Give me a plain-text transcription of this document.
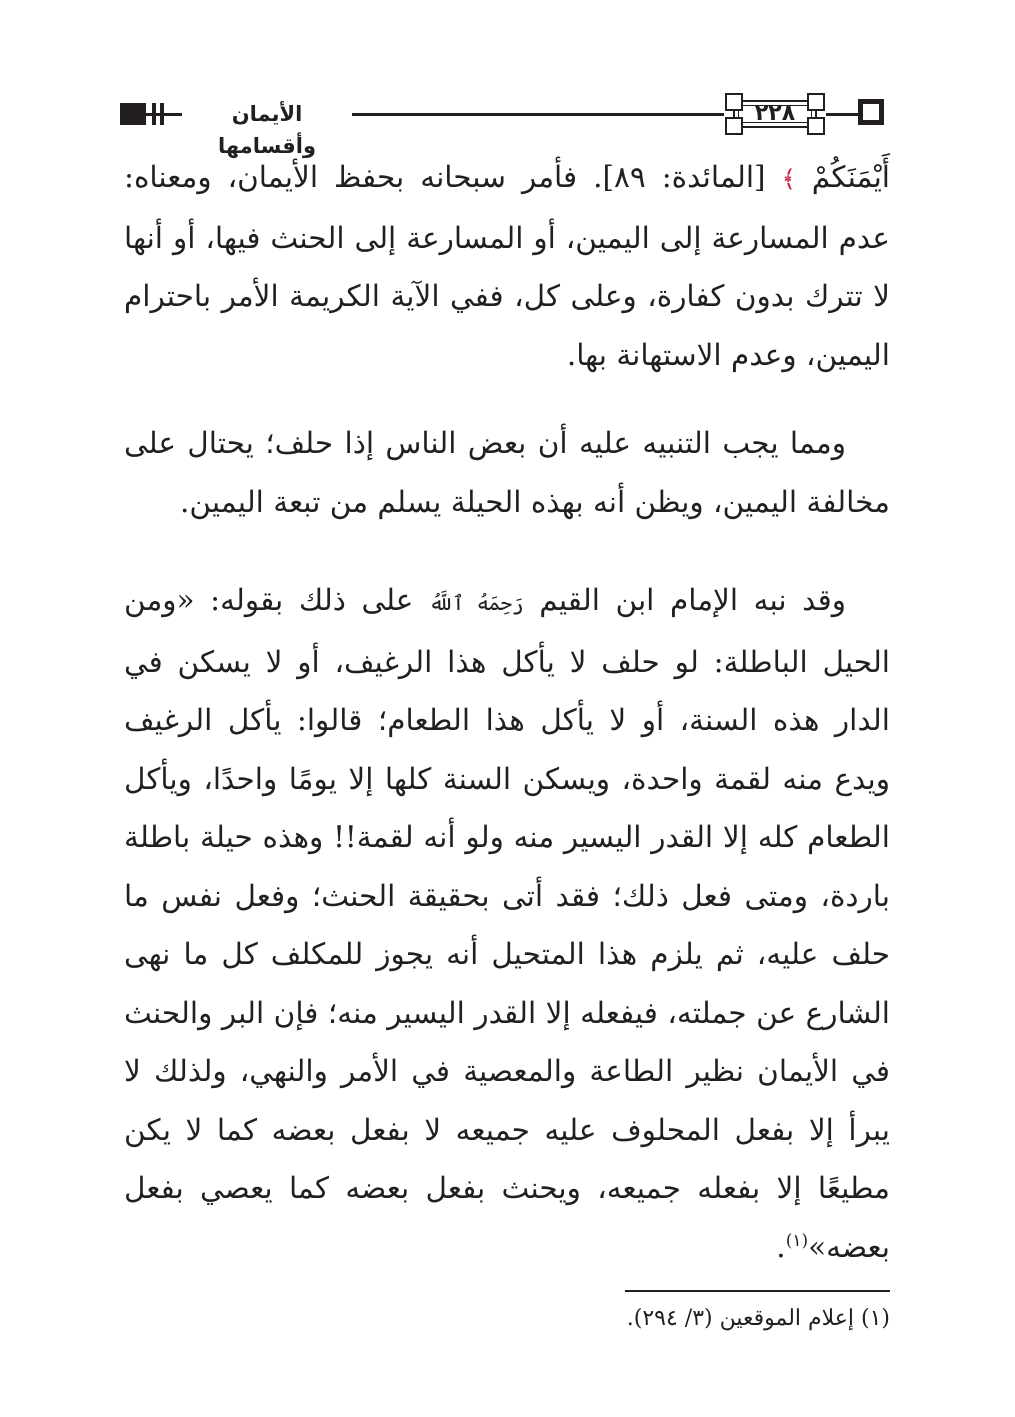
الأيمان وأقسامها
٢٢٨

أَيْمَنَكُمْ ﴾ [المائدة: ٨٩]. فأمر سبحانه بحفظ الأيمان، ومعناه: عدم المسارعة إلى اليمين، أو المسارعة إلى الحنث فيها، أو أنها لا تترك بدون كفارة، وعلى كل، ففي الآية الكريمة الأمر باحترام اليمين، وعدم الاستهانة بها.

ومما يجب التنبيه عليه أن بعض الناس إذا حلف؛ يحتال على مخالفة اليمين، ويظن أنه بهذه الحيلة يسلم من تبعة اليمين.

وقد نبه الإمام ابن القيم رَحِمَهُ ٱللَّهُ على ذلك بقوله: «ومن الحيل الباطلة: لو حلف لا يأكل هذا الرغيف، أو لا يسكن في الدار هذه السنة، أو لا يأكل هذا الطعام؛ قالوا: يأكل الرغيف ويدع منه لقمة واحدة، ويسكن السنة كلها إلا يومًا واحدًا، ويأكل الطعام كله إلا القدر اليسير منه ولو أنه لقمة!! وهذه حيلة باطلة باردة، ومتى فعل ذلك؛ فقد أتى بحقيقة الحنث؛ وفعل نفس ما حلف عليه، ثم يلزم هذا المتحيل أنه يجوز للمكلف كل ما نهى الشارع عن جملته، فيفعله إلا القدر اليسير منه؛ فإن البر والحنث في الأيمان نظير الطاعة والمعصية في الأمر والنهي، ولذلك لا يبرأ إلا بفعل المحلوف عليه جميعه لا بفعل بعضه كما لا يكن مطيعًا إلا بفعله جميعه، ويحنث بفعل بعضه كما يعصي بفعل بعضه»$^{(١)}$.

(١) إعلام الموقعين (٣/ ٢٩٤).
